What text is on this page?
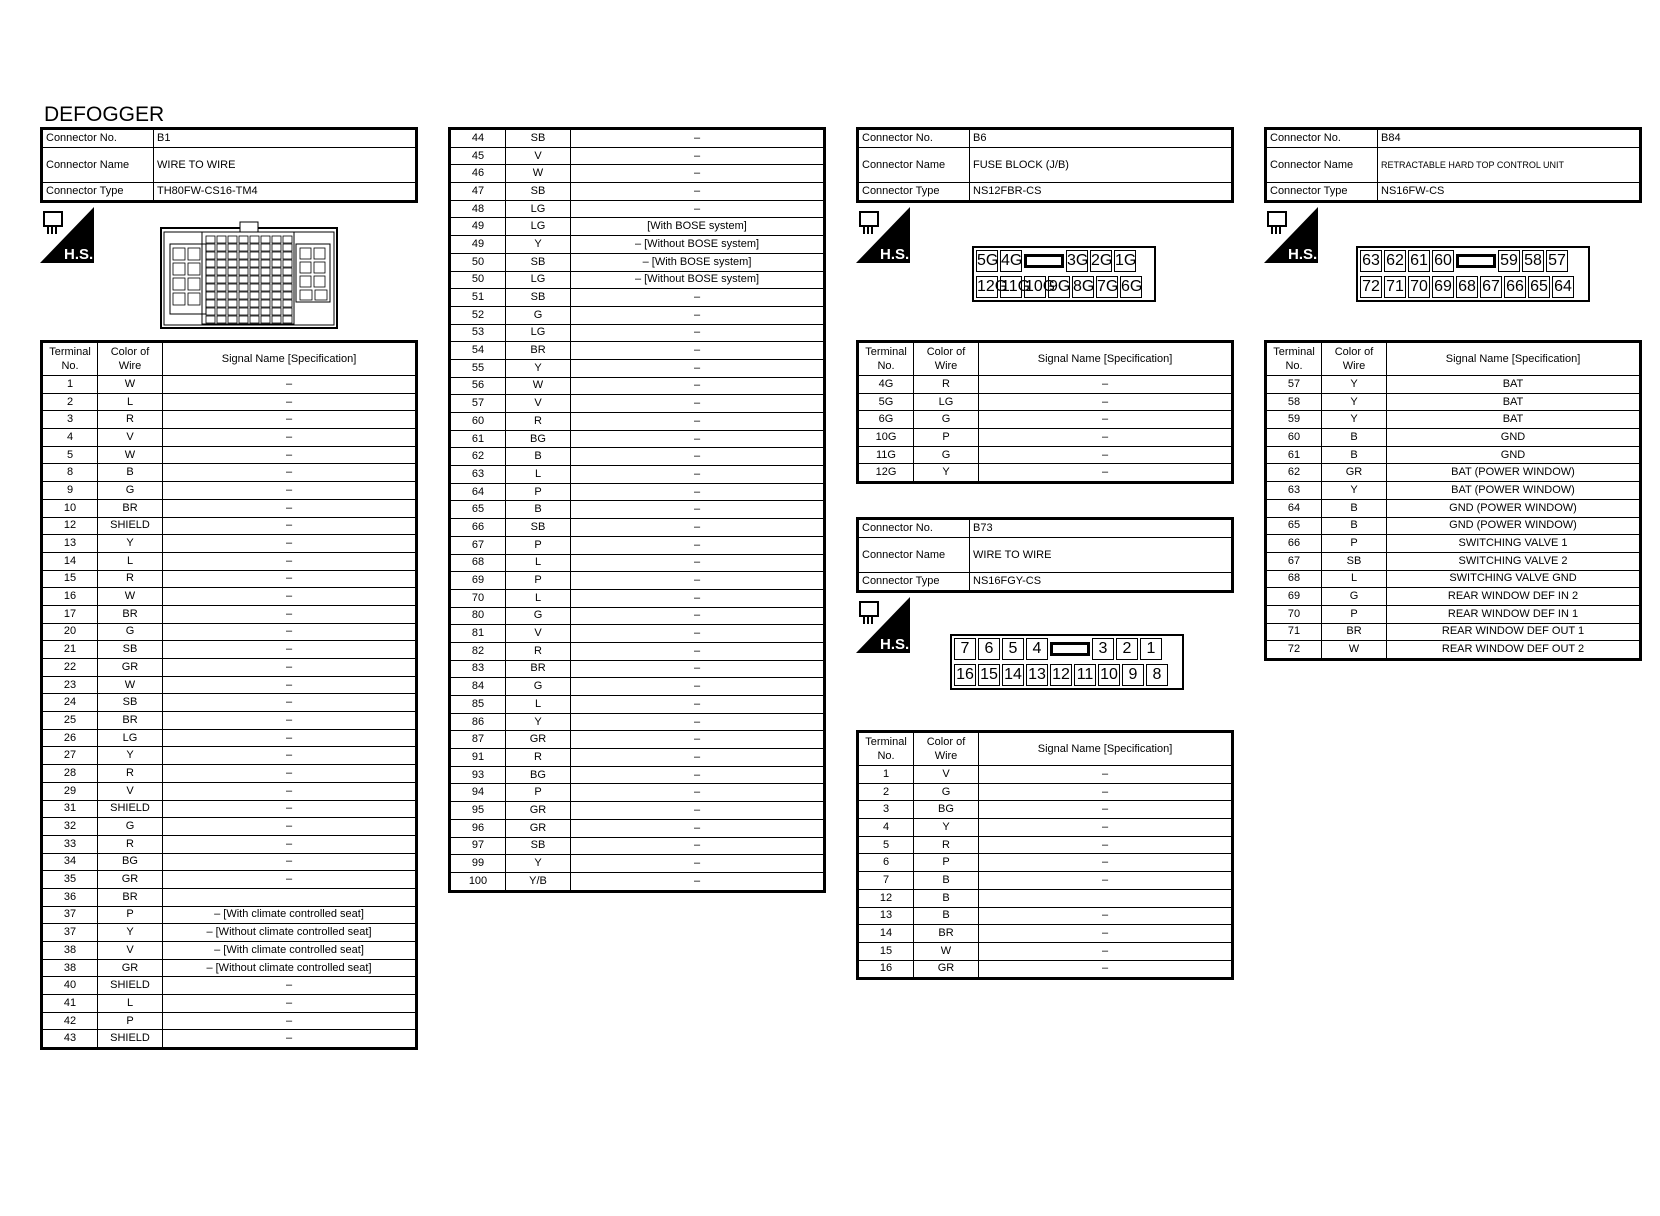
DEFOGGER
Connector No.	B1
Connector Name	WIRE TO WIRE
Connector Type	TH80FW-CS16-TM4
H.S.
Terminal No.	Color of Wire	Signal Name [Specification]
1	W	–
2	L	–
3	R	–
4	V	–
5	W	–
8	B	–
9	G	–
10	BR	–
12	SHIELD	–
13	Y	–
14	L	–
15	R	–
16	W	–
17	BR	–
20	G	–
21	SB	–
22	GR	–
23	W	–
24	SB	–
25	BR	–
26	LG	–
27	Y	–
28	R	–
29	V	–
31	SHIELD	–
32	G	–
33	R	–
34	BG	–
35	GR	–
36	BR	
37	P	– [With climate controlled seat]
37	Y	– [Without climate controlled seat]
38	V	– [With climate controlled seat]
38	GR	– [Without climate controlled seat]
40	SHIELD	–
41	L	–
42	P	–
43	SHIELD	–
44	SB	–
45	V	–
46	W	–
47	SB	–
48	LG	–
49	LG	[With BOSE system]
49	Y	– [Without BOSE system]
50	SB	– [With BOSE system]
50	LG	– [Without BOSE system]
51	SB	–
52	G	–
53	LG	–
54	BR	–
55	Y	–
56	W	–
57	V	–
60	R	–
61	BG	–
62	B	–
63	L	–
64	P	–
65	B	–
66	SB	–
67	P	–
68	L	–
69	P	–
70	L	–
80	G	–
81	V	–
82	R	–
83	BR	–
84	G	–
85	L	–
86	Y	–
87	GR	–
91	R	–
93	BG	–
94	P	–
95	GR	–
96	GR	–
97	SB	–
99	Y	–
100	Y/B	–
Connector No.	B6
Connector Name	FUSE BLOCK (J/B)
Connector Type	NS12FBR-CS
H.S.	5G 4G	3G 2G 1G
12G
11G
10G
9G 8G 7G 6G
Terminal No.	Color of Wire	Signal Name [Specification]
4G	R	–
5G	LG	–
6G	G	–
10G	P	–
11G	G	–
12G	Y	–
Connector No.	B73
Connector Name	WIRE TO WIRE
Connector Type	NS16FGY-CS
H.S.	7 6 5 4	3 2 1
16 15 14 13 12 11 10 9 8
Terminal No.	Color of Wire	Signal Name [Specification]
1	V	–
2	G	–
3	BG	–
4	Y	–
5	R	–
6	P	–
7	B	–
12	B	
13	B	–
14	BR	–
15	W	–
16	GR	–
Connector No.	B84
Connector Name	RETRACTABLE HARD TOP CONTROL UNIT
Connector Type	NS16FW-CS
H.S.	63 62 61 60	59 58 57
72 71 70 69 68 67 66 65 64
Terminal No.	Color of Wire	Signal Name [Specification]
57	Y	BAT
58	Y	BAT
59	Y	BAT
60	B	GND
61	B	GND
62	GR	BAT (POWER WINDOW)
63	Y	BAT (POWER WINDOW)
64	B	GND (POWER WINDOW)
65	B	GND (POWER WINDOW)
66	P	SWITCHING VALVE 1
67	SB	SWITCHING VALVE 2
68	L	SWITCHING VALVE GND
69	G	REAR WINDOW DEF IN 2
70	P	REAR WINDOW DEF IN 1
71	BR	REAR WINDOW DEF OUT 1
72	W	REAR WINDOW DEF OUT 2
